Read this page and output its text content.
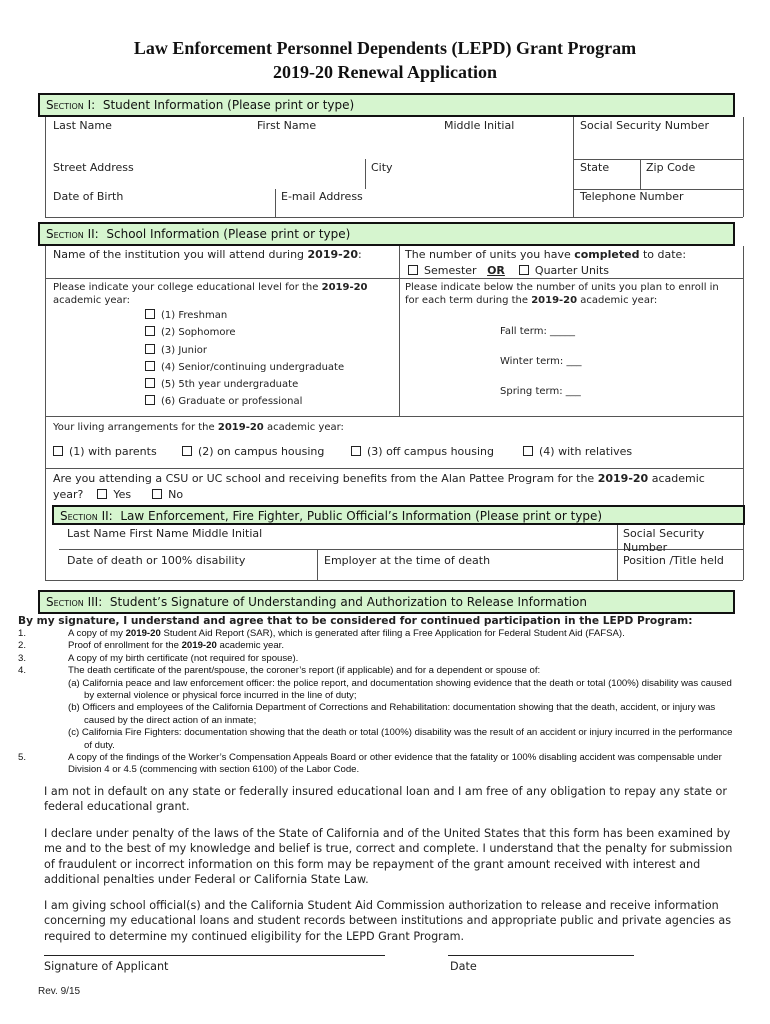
Law Enforcement Personnel Dependents (LEPD) Grant Program
2019-20 Renewal Application
Section I: Student Information (Please print or type)
Last Name	First Name	Middle Initial	Social Security Number
Street Address	City	State	Zip Code
Date of Birth	E-mail Address	Telephone Number
Section II: School Information (Please print or type)
Name of the institution you will attend during 2019-20:	The number of units you have completed to date:
Semester OR	Quarter Units
Please indicate your college educational level for the 2019-20
academic year:
(1) Freshman
(2) Sophomore
(3) Junior
(4) Senior/continuing undergraduate
(5) 5th year undergraduate
(6) Graduate or professional
Please indicate below the number of units you plan to enroll in
for each term during the 2019-20 academic year:
Fall term: _____
Winter term: ___
Spring term: ___
Your living arrangements for the 2019-20 academic year:
(1) with parents	(2) on campus housing	(3) off campus housing	(4) with relatives
Are you attending a CSU or UC school and receiving benefits from the Alan Pattee Program for the 2019-20 academic
year?	Yes	No
Section II: Law Enforcement, Fire Fighter, Public Official’s Information (Please print or type)
Last Name First Name Middle Initial	Social Security Number
Date of death or 100% disability	Employer at the time of death	Position /Title held
Section III: Student’s Signature of Understanding and Authorization to Release Information
By my signature, I understand and agree that to be considered for continued participation in the LEPD Program:
1.	A copy of my 2019-20 Student Aid Report (SAR), which is generated after filing a Free Application for Federal Student Aid (FAFSA).
2.	Proof of enrollment for the 2019-20 academic year.
3.	A copy of my birth certificate (not required for spouse).
4.	The death certificate of the parent/spouse, the coroner’s report (if applicable) and for a dependent or spouse of:
(a) California peace and law enforcement officer: the police report, and documentation showing evidence that the death or total (100%) disability was caused by external violence or physical force incurred in the line of duty;
(b) Officers and employees of the California Department of Corrections and Rehabilitation: documentation showing that the death, accident, or injury was caused by the direct action of an inmate;
(c) California Fire Fighters: documentation showing that the death or total (100%) disability was the result of an accident or injury incurred in the performance of duty.
5.	A copy of the findings of the Worker’s Compensation Appeals Board or other evidence that the fatality or 100% disabling accident was compensable under Division 4 or 4.5 (commencing with section 6100) of the Labor Code.
I am not in default on any state or federally insured educational loan and I am free of any obligation to repay any state or federal educational grant.
I declare under penalty of the laws of the State of California and of the United States that this form has been examined by me and to the best of my knowledge and belief is true, correct and complete. I understand that the penalty for submission of fraudulent or incorrect information on this form may be repayment of the grant amount received with interest and additional penalties under Federal or California State Law.
I am giving school official(s) and the California Student Aid Commission authorization to release and receive information concerning my educational loans and student records between institutions and appropriate public and private agencies as required to determine my continued eligibility for the LEPD Grant Program.
Signature of Applicant	Date
Rev. 9/15
